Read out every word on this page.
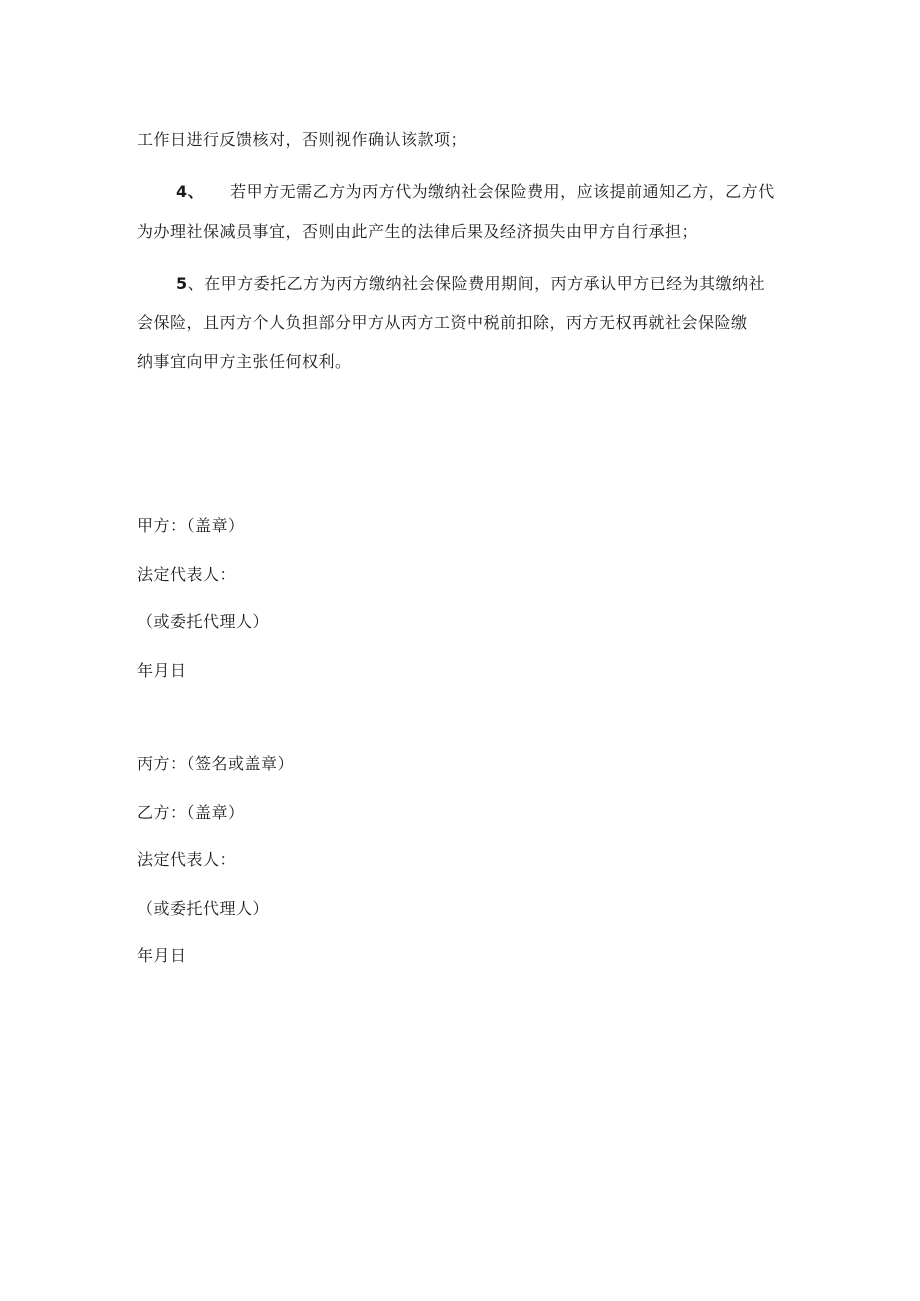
工作日进行反馈核对，否则视作确认该款项；
4、 若甲方无需乙方为丙方代为缴纳社会保险费用，应该提前通知乙方，乙方代
为办理社保减员事宜，否则由此产生的法律后果及经济损失由甲方自行承担；
5、在甲方委托乙方为丙方缴纳社会保险费用期间，丙方承认甲方已经为其缴纳社
会保险，且丙方个人负担部分甲方从丙方工资中税前扣除，丙方无权再就社会保险缴
纳事宜向甲方主张任何权利。
甲方：（盖章）
法定代表人：
（或委托代理人）
年月日
丙方：（签名或盖章）
乙方：（盖章）
法定代表人：
（或委托代理人）
年月日
